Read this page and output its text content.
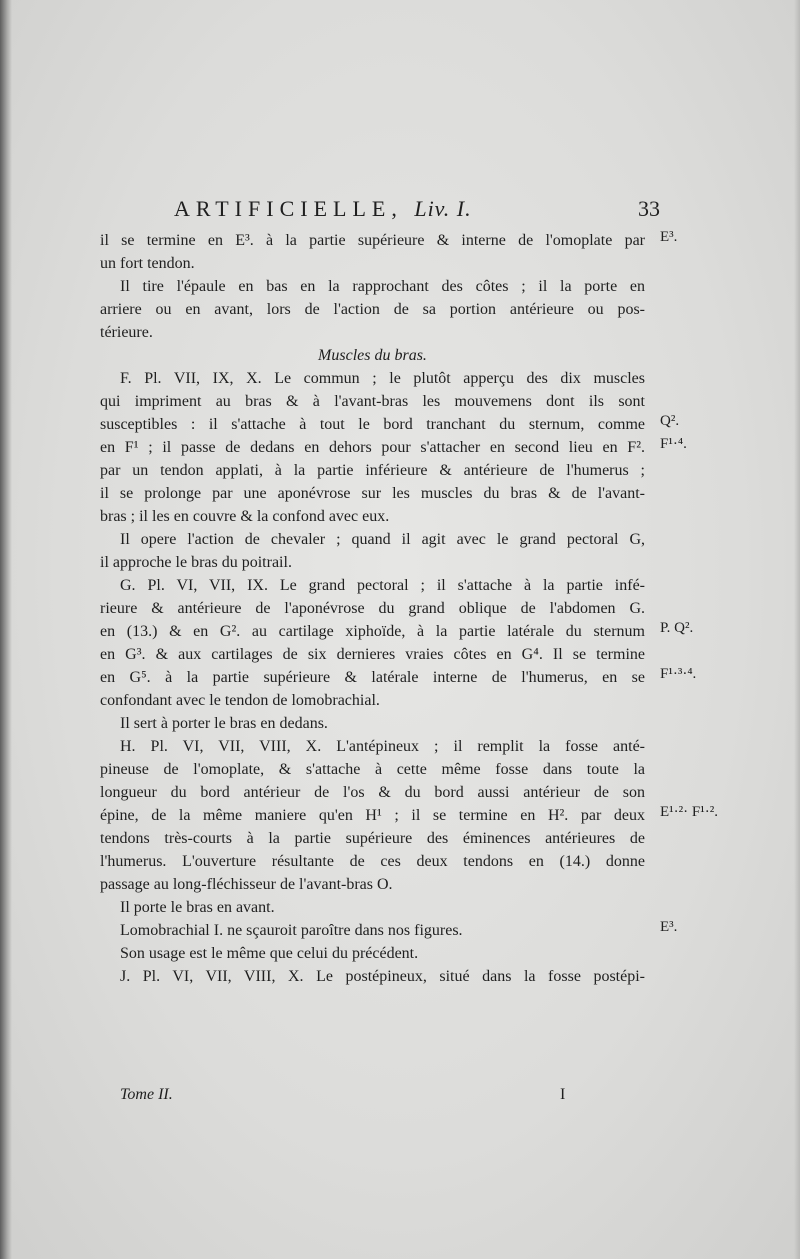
ARTIFICIELLE, Liv. I.	33
il se termine en E³. à la partie supérieure & interne de l'omoplate par
un fort tendon.
Il tire l'épaule en bas en la rapprochant des côtes ; il la porte en
arriere ou en avant, lors de l'action de sa portion antérieure ou pos-
térieure.
Muscles du bras.
F. Pl. VII, IX, X. Le commun ; le plutôt apperçu des dix muscles
qui impriment au bras & à l'avant-bras les mouvemens dont ils sont
susceptibles : il s'attache à tout le bord tranchant du sternum, comme
en F¹ ; il passe de dedans en dehors pour s'attacher en second lieu en F².
par un tendon applati, à la partie inférieure & antérieure de l'humerus ;
il se prolonge par une aponévrose sur les muscles du bras & de l'avant-
bras ; il les en couvre & la confond avec eux.
Il opere l'action de chevaler ; quand il agit avec le grand pectoral G,
il approche le bras du poitrail.
G. Pl. VI, VII, IX. Le grand pectoral ; il s'attache à la partie infé-
rieure & antérieure de l'aponévrose du grand oblique de l'abdomen G.
en (13.) & en G². au cartilage xiphoïde, à la partie latérale du sternum
en G³. & aux cartilages de six dernieres vraies côtes en G⁴. Il se termine
en G⁵. à la partie supérieure & latérale interne de l'humerus, en se
confondant avec le tendon de lomobrachial.
Il sert à porter le bras en dedans.
H. Pl. VI, VII, VIII, X. L'antépineux ; il remplit la fosse anté-
pineuse de l'omoplate, & s'attache à cette même fosse dans toute la
longueur du bord antérieur de l'os & du bord aussi antérieur de son
épine, de la même maniere qu'en H¹ ; il se termine en H². par deux
tendons très-courts à la partie supérieure des éminences antérieures de
l'humerus. L'ouverture résultante de ces deux tendons en (14.) donne
passage au long-fléchisseur de l'avant-bras O.
Il porte le bras en avant.
Lomobrachial I. ne sçauroit paroître dans nos figures.
Son usage est le même que celui du précédent.
J. Pl. VI, VII, VIII, X. Le postépineux, situé dans la fosse postépi-
E³.
Q².
F¹·⁴.
P. Q².
F¹·³·⁴.
E¹·²· F¹·².
E³.
Tome II.	I
